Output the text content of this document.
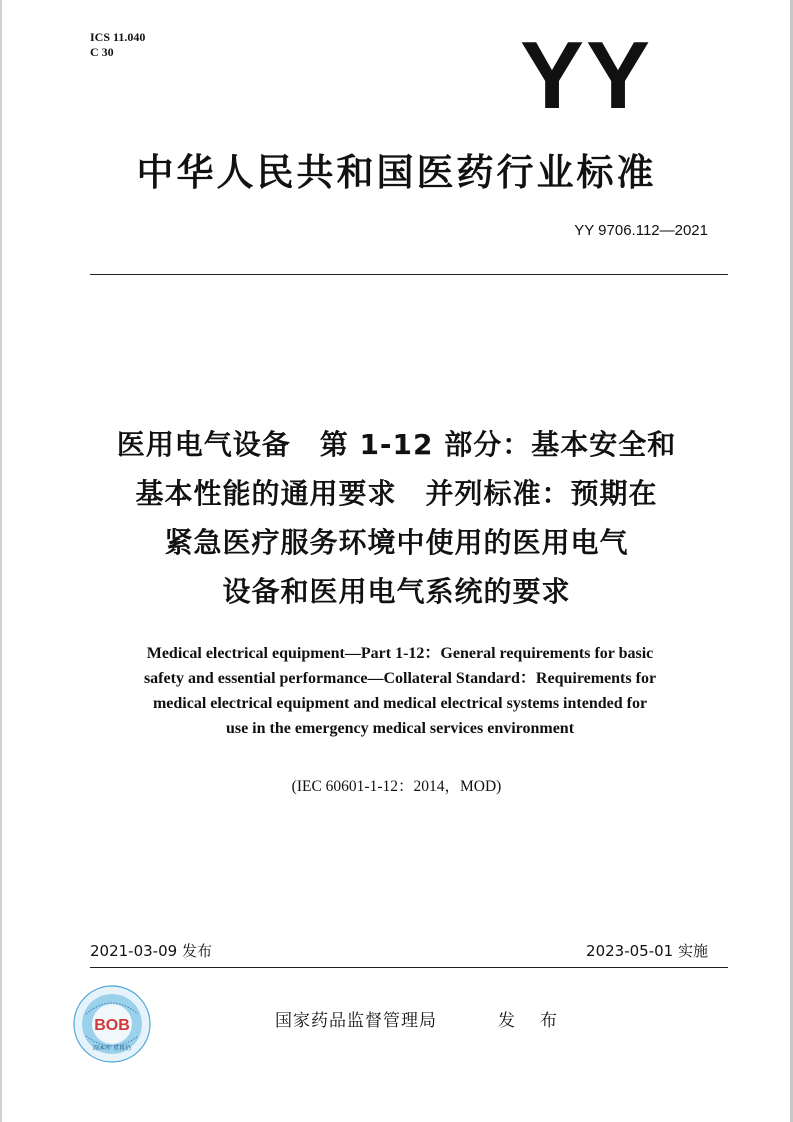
ICS 11.040
C 30	YY
中华人民共和国医药行业标准
YY 9706.112—2021
医用电气设备　第 1-12 部分：基本安全和
基本性能的通用要求　并列标准：预期在
紧急医疗服务环境中使用的医用电气
设备和医用电气系统的要求
Medical electrical equipment—Part 1-12：General requirements for basic
safety and essential performance—Collateral Standard：Requirements for
medical electrical equipment and medical electrical systems intended for
use in the emergency medical services environment
(IEC 60601-1-12：2014，MOD)
2021-03-09 发布	2023-05-01 实施
BOB
副本库 重再仍
国家药品监督管理局	发　布
